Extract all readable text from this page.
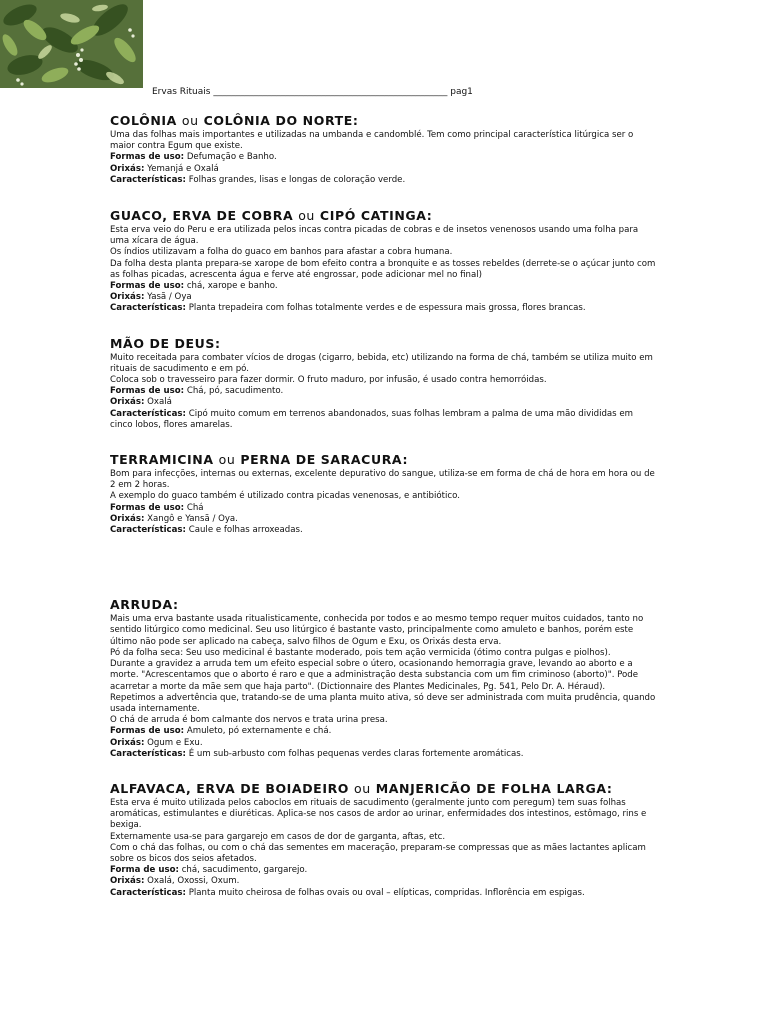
Ervas Rituais ____________________________________________________ pag1
COLÔNIA ou COLÔNIA DO NORTE:

Uma das folhas mais importantes e utilizadas na umbanda e candomblé. Tem como principal característica litúrgica ser o maior contra Egum que existe.

Formas de uso: Defumação e Banho.

Orixás: Yemanjá e Oxalá

Características: Folhas grandes, lisas e longas de coloração verde.

GUACO, ERVA DE COBRA ou CIPÓ CATINGA:

Esta erva veio do Peru e era utilizada pelos incas contra picadas de cobras e de insetos venenosos usando uma folha para uma xícara de água.

Os índios utilizavam a folha do guaco em banhos para afastar a cobra humana.

Da folha desta planta prepara-se xarope de bom efeito contra a bronquite e as tosses rebeldes (derrete-se o açúcar junto com as folhas picadas, acrescenta água e ferve até engrossar, pode adicionar mel no final)

Formas de uso: chá, xarope e banho.

Orixás: Yasã / Oya

Características: Planta trepadeira com folhas totalmente verdes e de espessura mais grossa, flores brancas.

MÃO DE DEUS:

Muito receitada para combater vícios de drogas (cigarro, bebida, etc) utilizando na forma de chá, também se utiliza muito em rituais de sacudimento e em pó.

Coloca sob o travesseiro para fazer dormir. O fruto maduro, por infusão, é usado contra hemorróidas.

Formas de uso: Chá, pó, sacudimento.

Orixás: Oxalá

Características: Cipó muito comum em terrenos abandonados, suas folhas lembram a palma de uma mão divididas em cinco lobos, flores amarelas.

TERRAMICINA ou PERNA DE SARACURA:

Bom para infecções, internas ou externas, excelente depurativo do sangue, utiliza-se em forma de chá de hora em hora ou de 2 em 2 horas.

A exemplo do guaco também é utilizado contra picadas venenosas, e antibiótico.

Formas de uso: Chá

Orixás: Xangô e Yansã / Oya.

Características: Caule e folhas arroxeadas.

ARRUDA:

Mais uma erva bastante usada ritualisticamente, conhecida por todos e ao mesmo tempo requer muitos cuidados, tanto no sentido litúrgico como medicinal. Seu uso litúrgico é bastante vasto, principalmente como amuleto e banhos, porém este último não pode ser aplicado na cabeça, salvo filhos de Ogum e Exu, os Orixás desta erva.

Pó da folha seca: Seu uso medicinal é bastante moderado, pois tem ação vermicida (ótimo contra pulgas e piolhos).

Durante a gravidez a arruda tem um efeito especial sobre o útero, ocasionando hemorragia grave, levando ao aborto e a morte. "Acrescentamos que o aborto é raro e que a administração desta substancia com um fim criminoso (aborto)". Pode acarretar a morte da mãe sem que haja parto". (Dictionnaire des Plantes Medicinales, Pg. 541, Pelo Dr. A. Héraud).

Repetimos a advertência que, tratando-se de uma planta muito ativa, só deve ser administrada com muita prudência, quando usada internamente.

O chá de arruda é bom calmante dos nervos e trata urina presa.

Formas de uso: Amuleto, pó externamente e chá.

Orixás: Ogum e Exu.

Características: É um sub-arbusto com folhas pequenas verdes claras fortemente aromáticas.

ALFAVACA, ERVA DE BOIADEIRO ou MANJERICÃO DE FOLHA LARGA:

Esta erva é muito utilizada pelos caboclos em rituais de sacudimento (geralmente junto com peregum) tem suas folhas aromáticas, estimulantes e diuréticas. Aplica-se nos casos de ardor ao urinar, enfermidades dos intestinos, estômago, rins e bexiga.

Externamente usa-se para gargarejo em casos de dor de garganta, aftas, etc.

Com o chá das folhas, ou com o chá das sementes em maceração, preparam-se compressas que as mães lactantes aplicam sobre os bicos dos seios afetados.

Forma de uso: chá, sacudimento, gargarejo.

Orixás: Oxalá, Oxossi, Oxum.

Características: Planta muito cheirosa de folhas ovais ou oval – elípticas, compridas. Inflorência em espigas.
